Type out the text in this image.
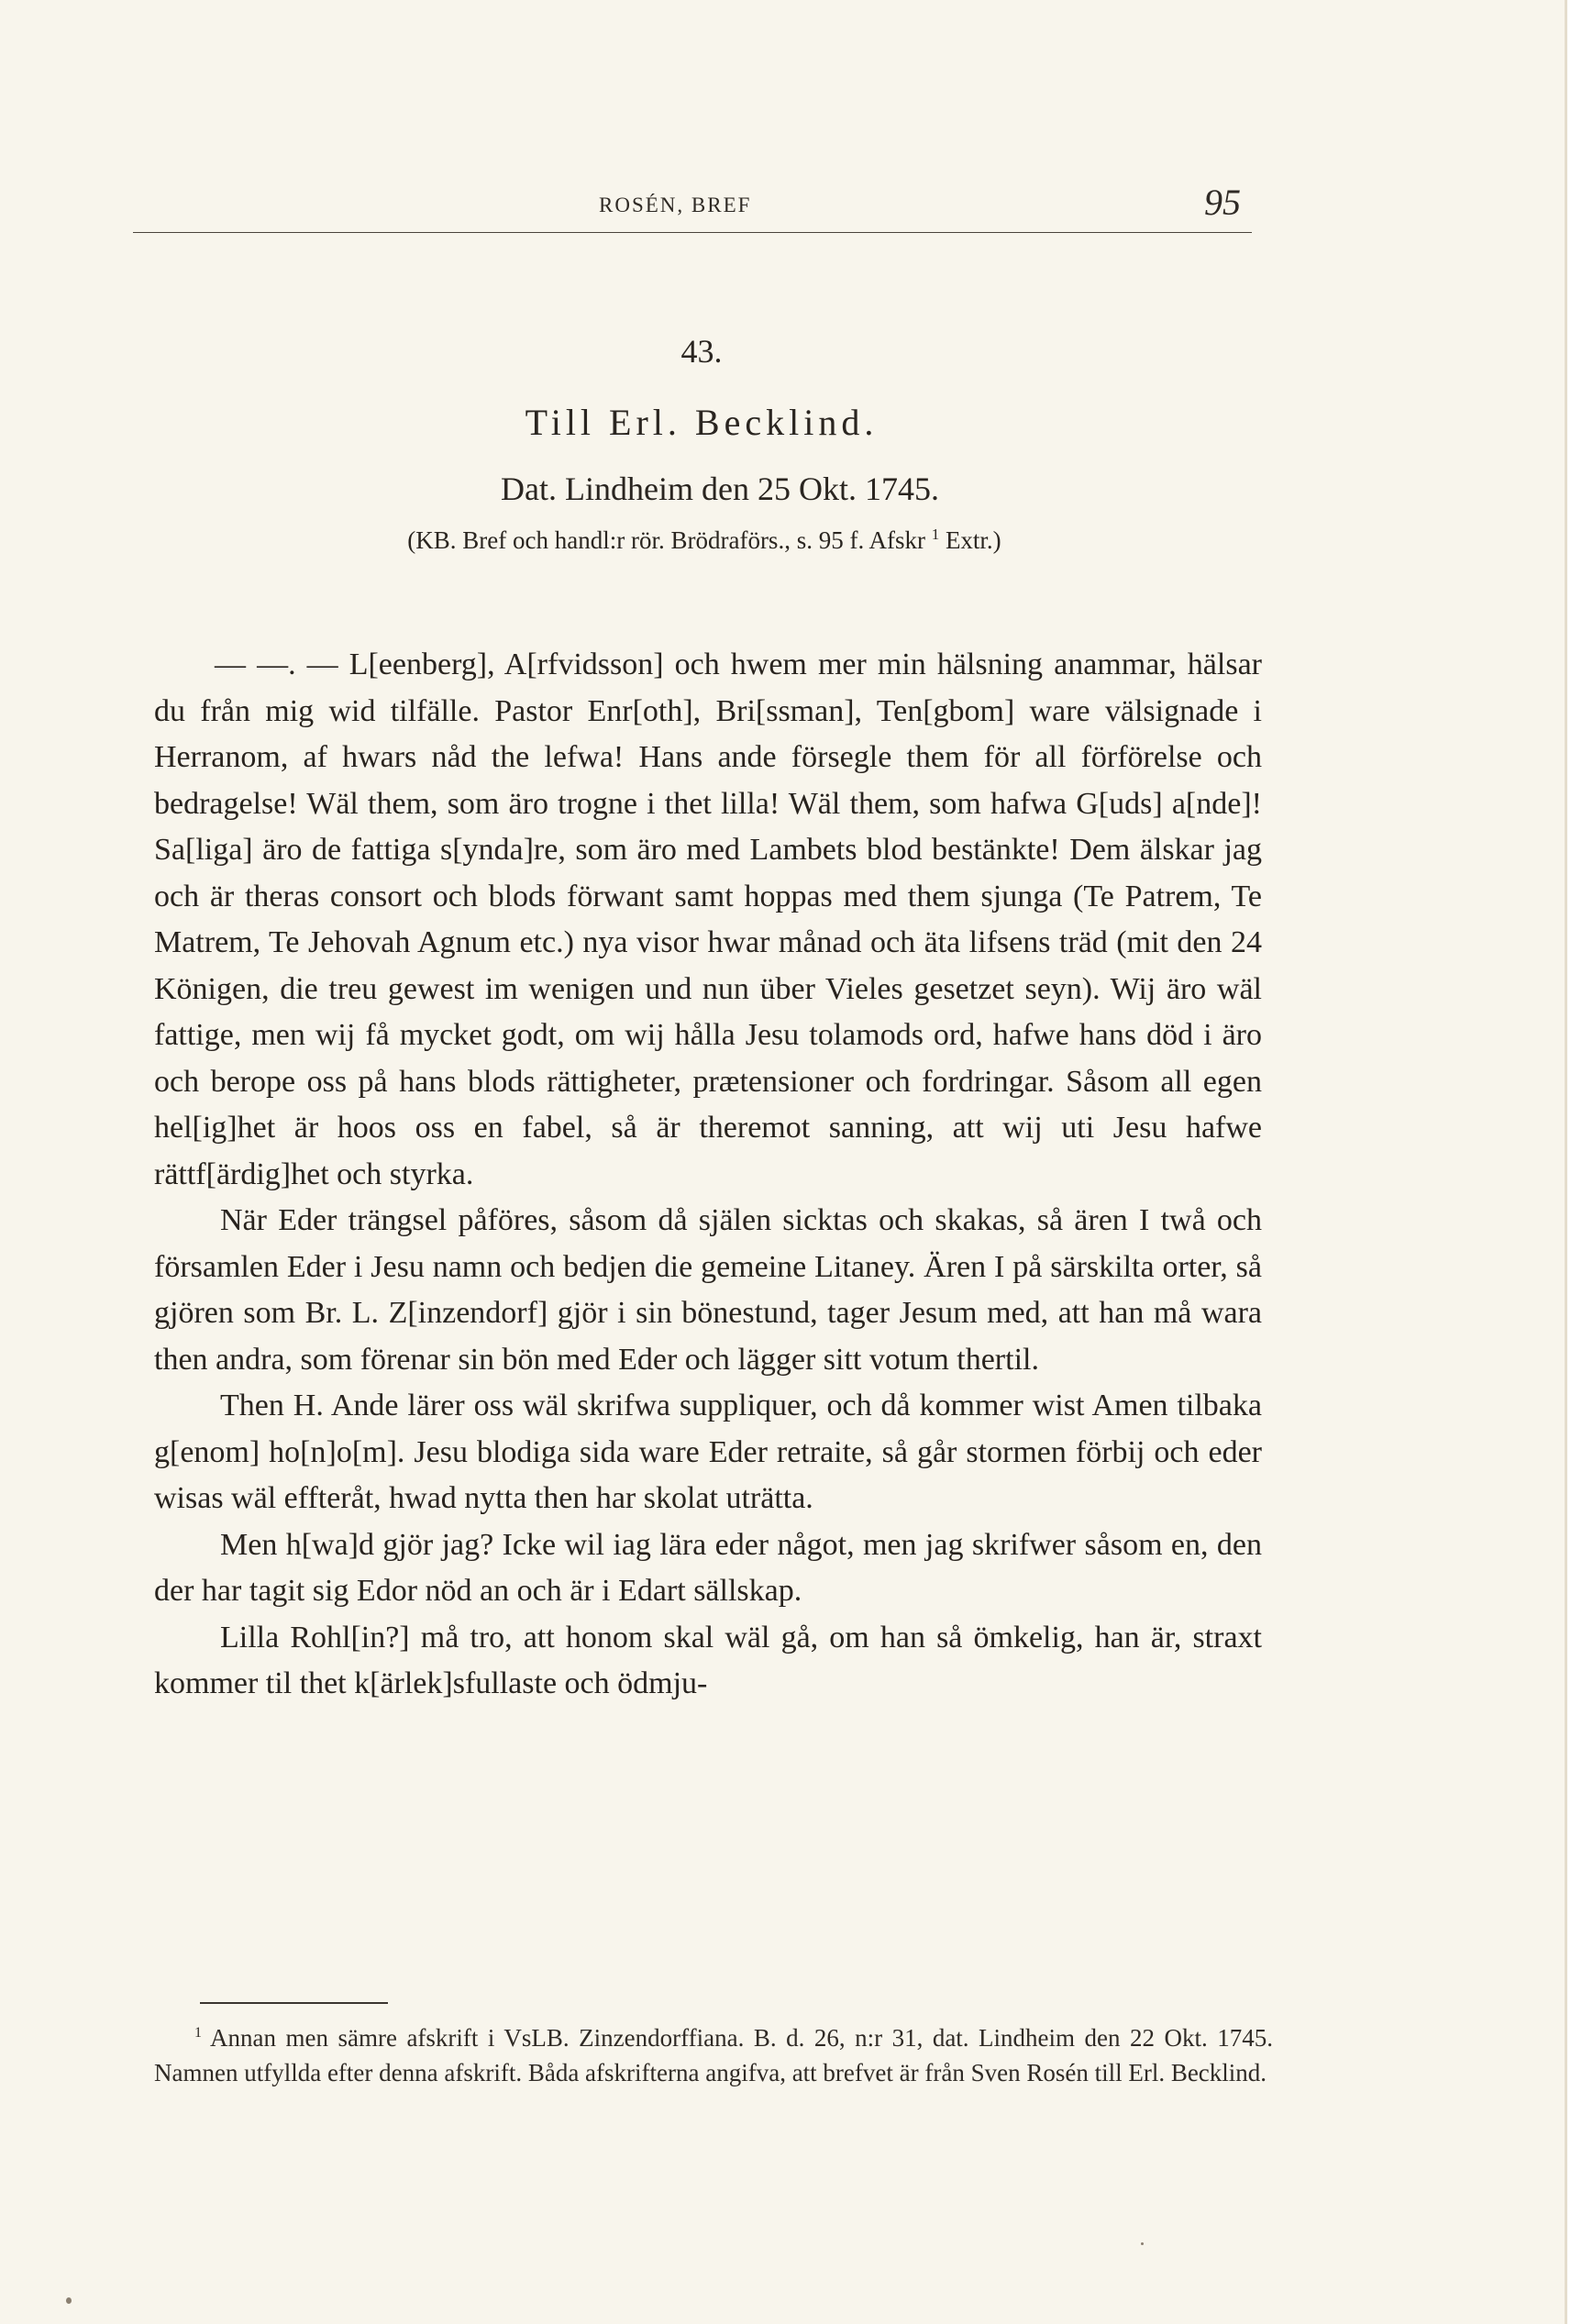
ROSÉN, BREF	95
43.
Till Erl. Becklind.
Dat. Lindheim den 25 Okt. 1745.
(KB. Bref och handl:r rör. Brödraförs., s. 95 f. Afskr $^1$ Extr.)

— —. — L[eenberg], A[rfvidsson] och hwem mer min hälsning anammar, hälsar du från mig wid tilfälle. Pastor Enr[oth], Bri[ssman], Ten[gbom] ware välsignade i Herranom, af hwars nåd the lefwa! Hans ande försegle them för all förförelse och bedragelse! Wäl them, som äro trogne i thet lilla! Wäl them, som hafwa G[uds] a[nde]! Sa[liga] äro de fattiga s[ynda]re, som äro med Lambets blod bestänkte! Dem älskar jag och är theras consort och blods förwant samt hoppas med them sjunga (Te Patrem, Te Matrem, Te Jehovah Agnum etc.) nya visor hwar månad och äta lifsens träd (mit den 24 Königen, die treu gewest im wenigen und nun über Vieles gesetzet seyn). Wij äro wäl fattige, men wij få mycket godt, om wij hålla Jesu tolamods ord, hafwe hans död i äro och berope oss på hans blods rättigheter, prætensioner och fordringar. Såsom all egen hel[ig]het är hoos oss en fabel, så är theremot sanning, att wij uti Jesu hafwe rättf[ärdig]het och styrka.

När Eder trängsel påföres, såsom då själen sicktas och skakas, så ären I twå och församlen Eder i Jesu namn och bedjen die gemeine Litaney. Ären I på särskilta orter, så gjören som Br. L. Z[inzendorf] gjör i sin bönestund, tager Jesum med, att han må wara then andra, som förenar sin bön med Eder och lägger sitt votum thertil.

Then H. Ande lärer oss wäl skrifwa suppliquer, och då kommer wist Amen tilbaka g[enom] ho[n]o[m]. Jesu blodiga sida ware Eder retraite, så går stormen förbij och eder wisas wäl effteråt, hwad nytta then har skolat uträtta.

Men h[wa]d gjör jag? Icke wil iag lära eder något, men jag skrifwer såsom en, den der har tagit sig Edor nöd an och är i Edart sällskap.

Lilla Rohl[in?] må tro, att honom skal wäl gå, om han så ömkelig, han är, straxt kommer til thet k[ärlek]sfullaste och ödmju-

$^1$ Annan men sämre afskrift i VsLB. Zinzendorffiana. B. d. 26, n:r 31, dat. Lindheim den 22 Okt. 1745. Namnen utfyllda efter denna afskrift. Båda afskrifterna angifva, att brefvet är från Sven Rosén till Erl. Becklind.
